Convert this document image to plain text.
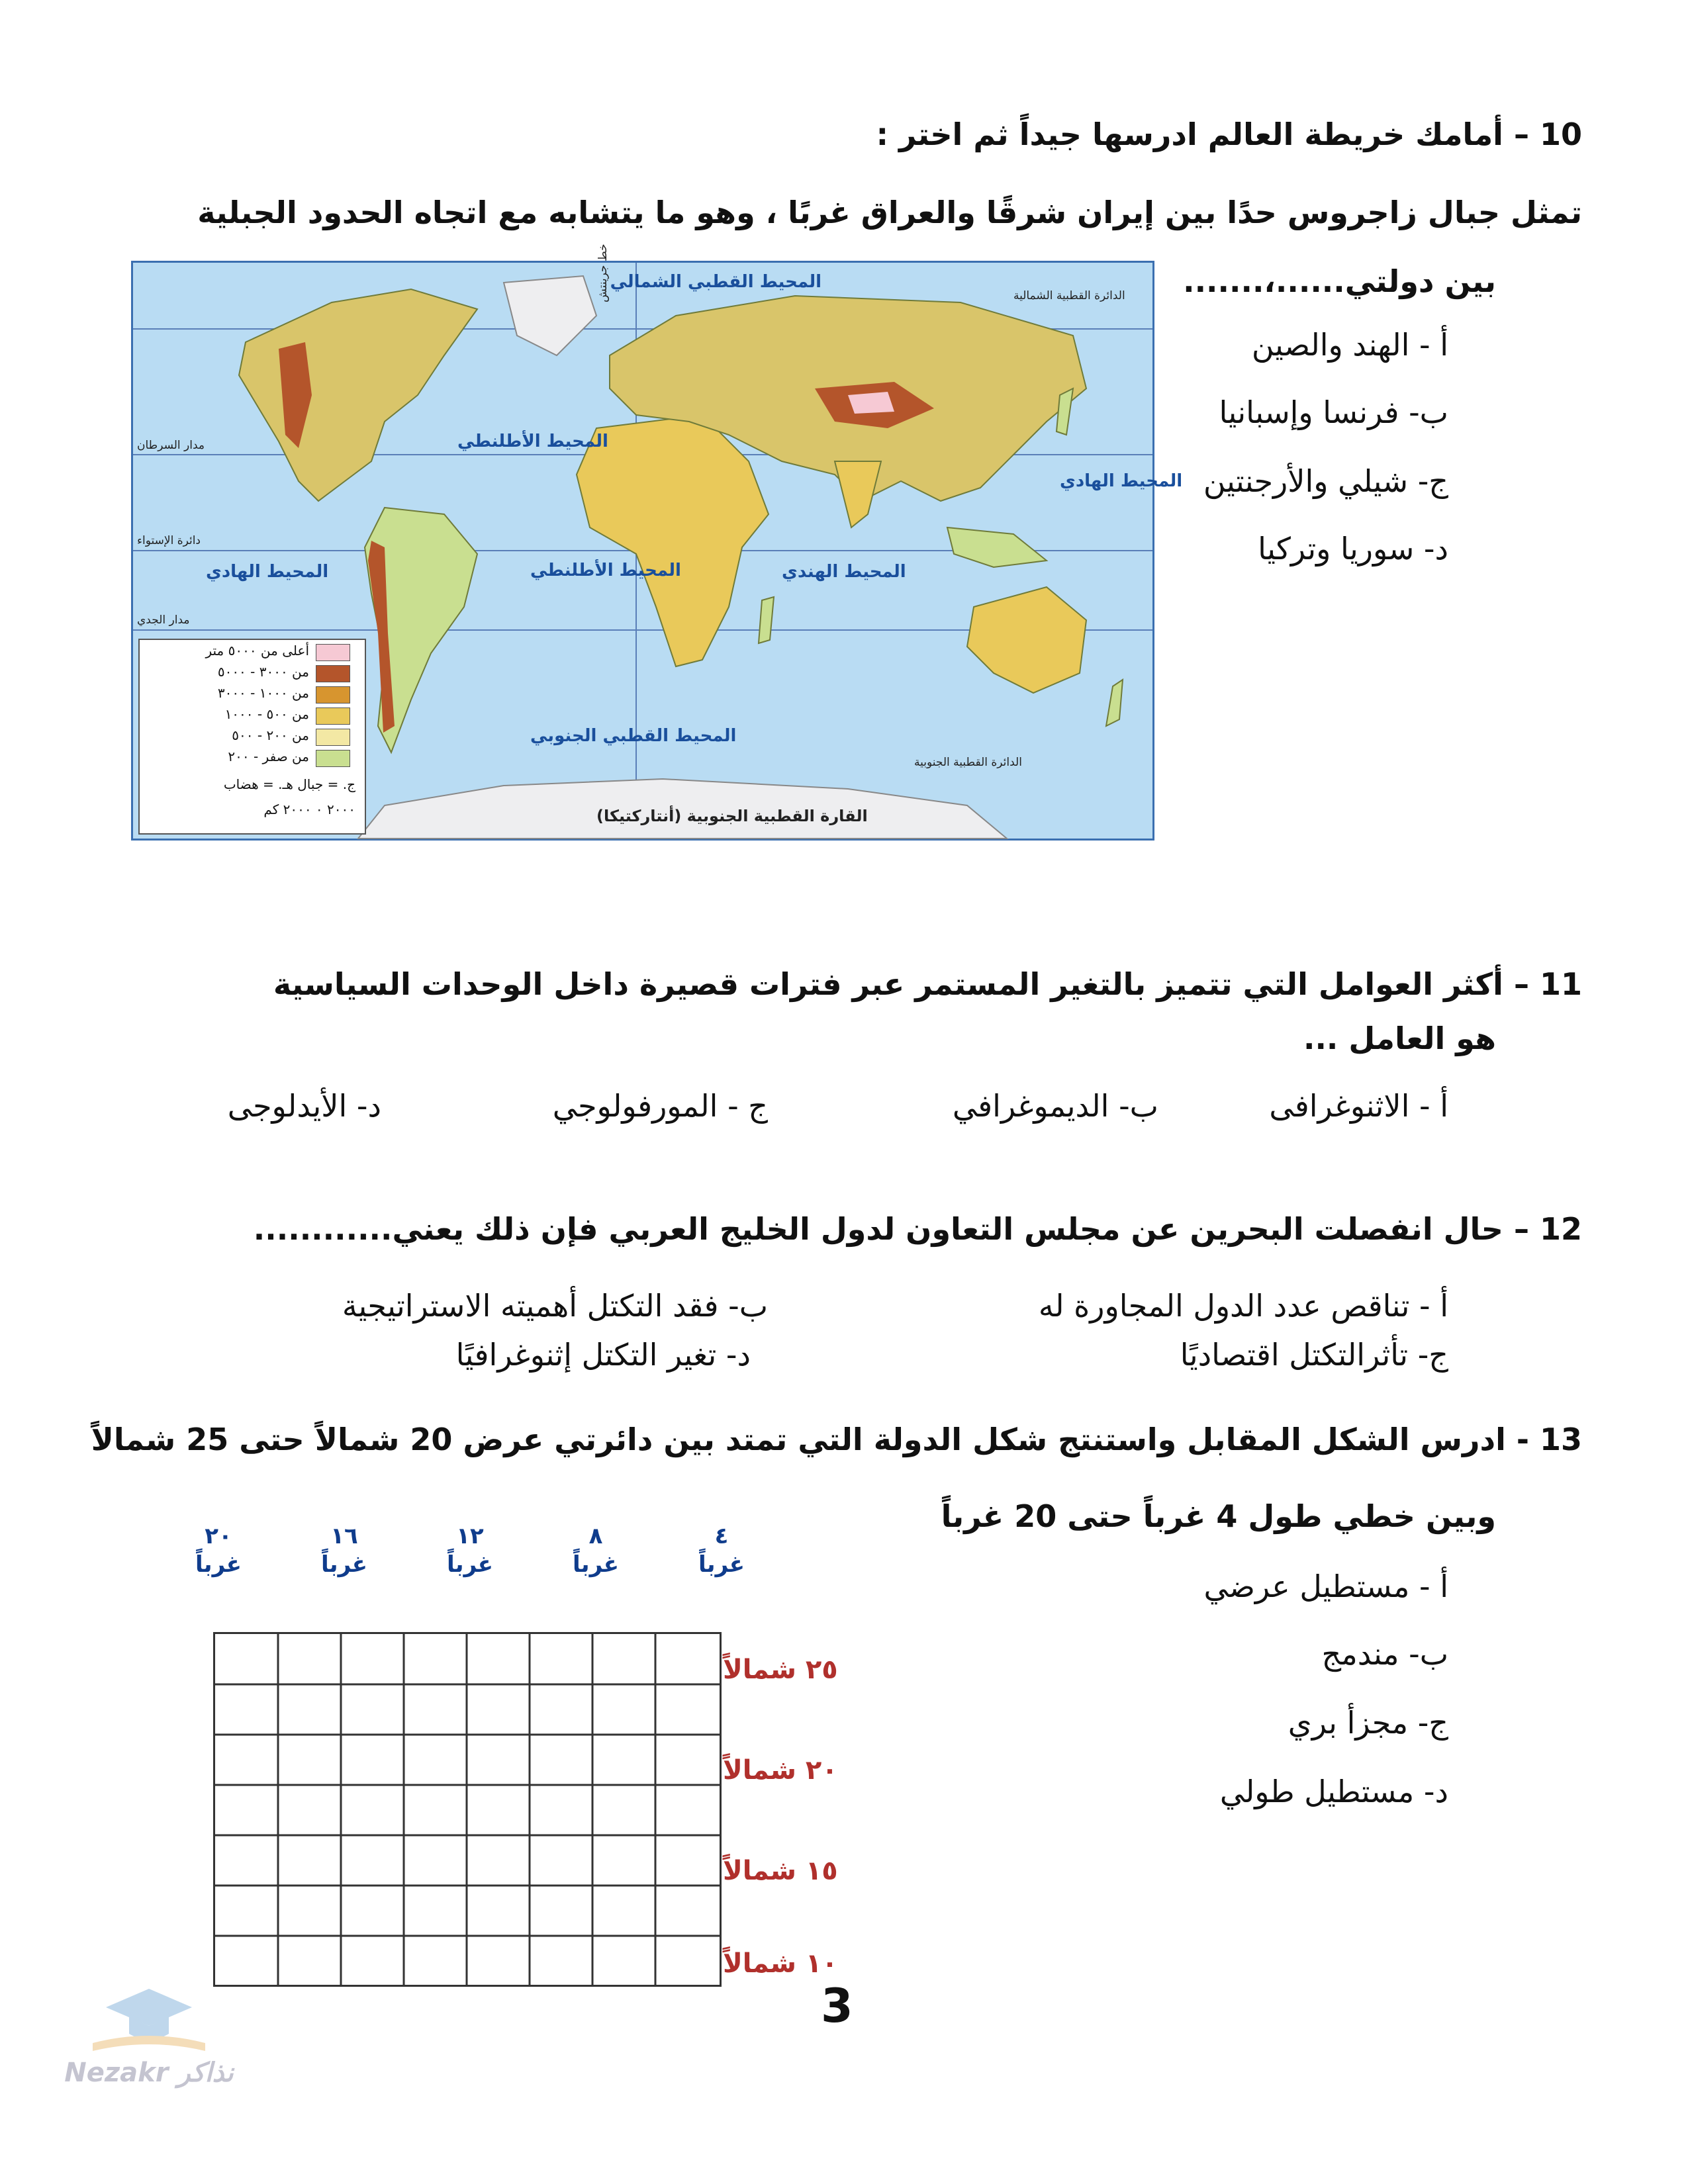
10 – أمامك خريطة العالم ادرسها جيداً ثم اختر :
تمثل جبال زاجروس حدًا بين إيران شرقًا والعراق غربًا ، وهو ما يتشابه مع اتجاه الحدود الجبلية
بين دولتي......،.......
أ - الهند والصين
ب- فرنسا وإسبانيا
ج- شيلي والأرجنتين
د- سوريا وتركيا
المحيط القطبي الشمالي
المحيط الأطلنطي
المحيط الهادي
المحيط الهادي	المحيط الأطلنطي	المحيط الهندي
المحيط القطبي الجنوبي
القارة القطبية الجنوبية (أنتاركتيكا)
مدار السرطان
دائرة الإستواء
مدار الجدي
الدائرة القطبية الشمالية
الدائرة القطبية الجنوبية
خط جرينتش
أعلى من ٥٠٠٠ متر
من ٣٠٠٠ - ٥٠٠٠
من ١٠٠٠ - ٣٠٠٠
من ٥٠٠ - ١٠٠٠
من ٢٠٠ - ٥٠٠
من صفر - ٢٠٠
ج. = جبال هـ. = هضاب
٢٠٠٠ ٠ ٢٠٠٠ كم
11 – أكثر العوامل التي تتميز بالتغير المستمر عبر فترات قصيرة داخل الوحدات السياسية
هو العامل ...
أ - الاثنوغرافى
ب- الديموغرافي
ج - المورفولوجي
د- الأيدلوجى
12 – حال انفصلت البحرين عن مجلس التعاون لدول الخليج العربي فإن ذلك يعني............
أ - تناقص عدد الدول المجاورة له
ب- فقد التكتل أهميته الاستراتيجية
ج- تأثرالتكتل اقتصاديًا
د- تغير التكتل إثنوغرافيًا
13 - ادرس الشكل المقابل واستنتج شكل الدولة التي تمتد بين دائرتي عرض 20 شمالاً حتى 25 شمالاً
وبين خطي طول 4 غرباً حتى 20 غرباً
أ - مستطيل عرضي
ب- مندمج
ج- مجزأ بري
د- مستطيل طولي
٢٠ غرباً
١٦ غرباً
١٢ غرباً
٨ غرباً
٤ غرباً
٢٥ شمالاً
٢٠ شمالاً
١٥ شمالاً
١٠ شمالاً
3
Nezakr نذاكر
